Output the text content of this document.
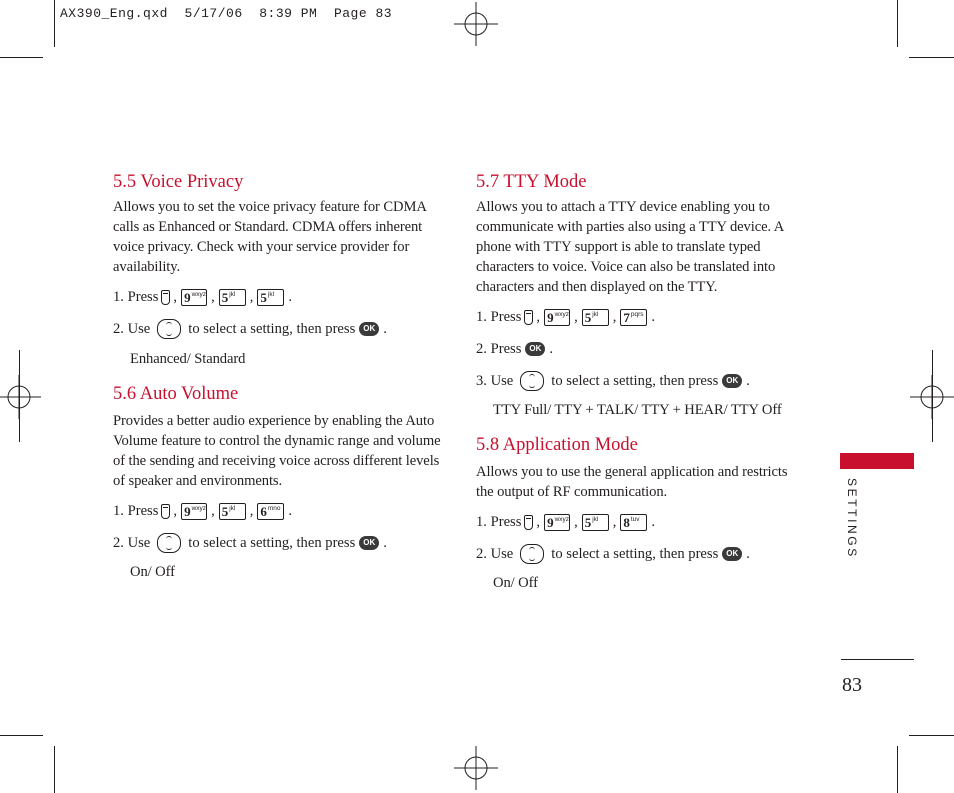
AX390_Eng.qxd  5/17/06  8:39 PM  Page 83
5.5 Voice Privacy

Allows you to set the voice privacy feature for CDMA calls as Enhanced or Standard. CDMA offers inherent voice privacy. Check with your service provider for availability.

1. Press , 9 wxyz , 5 jkl , 5 jkl .
2. Use	to select a setting, then press	OK .
Enhanced/ Standard
5.6 Auto Volume

Provides a better audio experience by enabling the Auto Volume feature to control the dynamic range and volume of the sending and receiving voice across different levels of speaker and environments.

1. Press , 9 wxyz , 5 jkl , 6 mno .
2. Use	to select a setting, then press	OK .
On/ Off
5.7 TTY Mode

Allows you to attach a TTY device enabling you to communicate with parties also using a TTY device. A phone with TTY support is able to translate typed characters to voice. Voice can also be translated into characters and then displayed on the TTY.

1. Press , 9 wxyz , 5 jkl , 7 pqrs .
2. Press	OK .
3. Use	to select a setting, then press	OK .
TTY Full/ TTY + TALK/ TTY + HEAR/ TTY Off
5.8 Application Mode

Allows you to use the general application and restricts the output of RF communication.

1. Press , 9 wxyz , 5 jkl , 8 tuv .
2. Use	to select a setting, then press	OK .
On/ Off
SETTINGS
83
